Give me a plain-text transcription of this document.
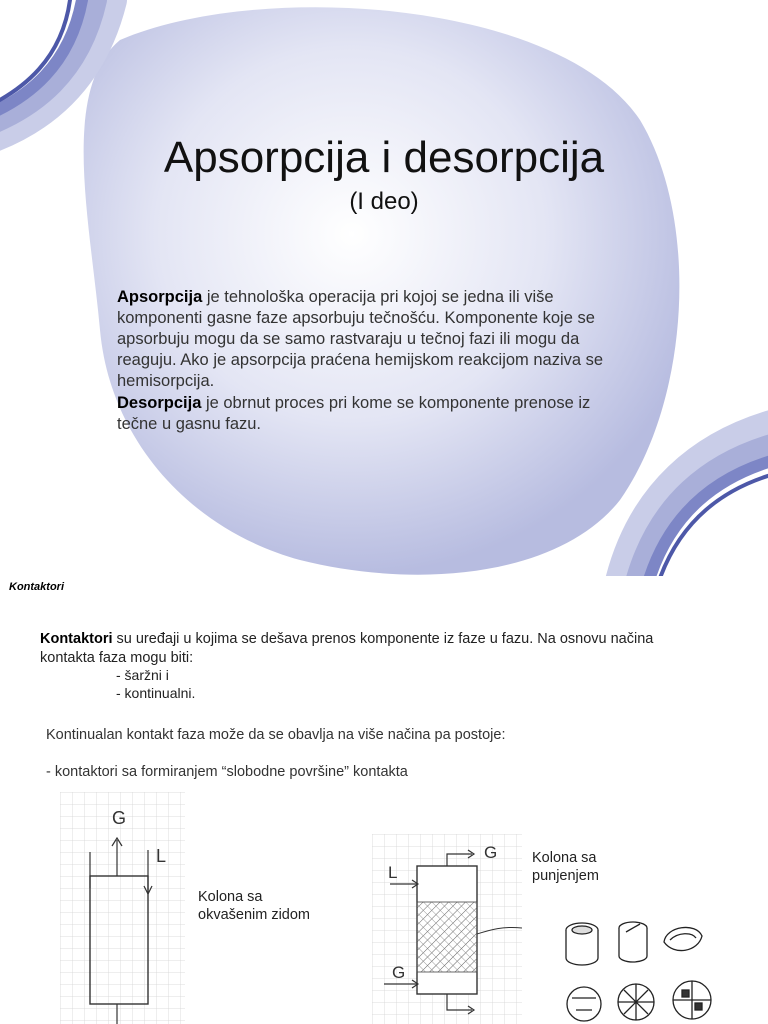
Apsorpcija i desorpcija
(I deo)
Apsorpcija je tehnološka operacija pri kojoj se jedna ili više komponenti gasne faze apsorbuju tečnošću. Komponente koje se apsorbuju mogu da se samo rastvaraju u tečnoj fazi ili mogu da reaguju. Ako je apsorpcija praćena hemijskom reakcijom naziva se hemisorpcija.
Desorpcija je obrnut proces pri kome se komponente prenose iz tečne u gasnu fazu.
Kontaktori
Kontaktori su uređaji u kojima se dešava prenos komponente iz faze u fazu. Na osnovu načina kontakta faza mogu biti:
- šaržni i
- kontinualni.
Kontinualan kontakt faza može da se obavlja na više načina pa postoje:
- kontaktori sa formiranjem “slobodne površine” kontakta
G
L
Kolona sa okvašenim zidom
G
L
G
Kolona sa punjenjem
